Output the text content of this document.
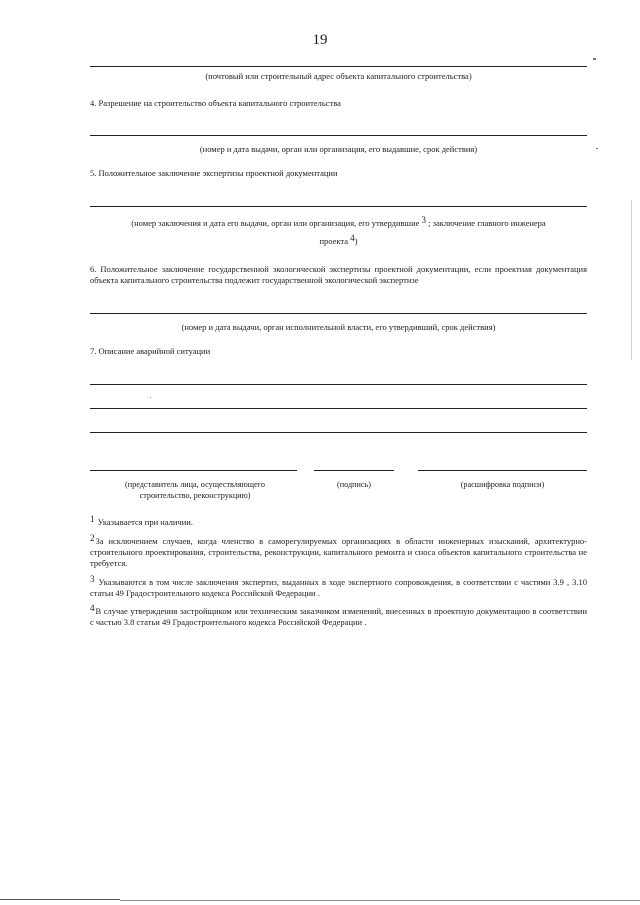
19
(почтовый или строительный адрес объекта капитального строительства)
4. Разрешение на строительство объекта капитального строительства
(номер и дата выдачи, орган или организация, его выдавшие, срок действия)
5. Положительное заключение экспертизы проектной документации
(номер заключения и дата его выдачи, орган или организация, его утвердившие 3 ; заключение главного инженера
проекта 4)
6. Положительное заключение государственной экологической экспертизы проектной документации, если проектная документация объекта капитального строительства подлежит государственной экологической экспертизе
(номер и дата выдачи, орган исполнительной власти, его утвердивший, срок действия)
7. Описание аварийной ситуации
(представитель лица, осуществляющего строительство, реконструкцию)
(подпись)	(расшифровка подписи)
1 Указывается при наличии.
2За исключением случаев, когда членство в саморегулируемых организациях в области инженерных изысканий, архитектурно-строительного проектирования, строительства, реконструкции, капитального ремонта и сноса объектов капитального строительства не требуется.
3 Указываются в том числе заключения экспертиз, выданных в ходе экспертного сопровождения, в соответствии с частями 3.9 , 3.10 статьи 49 Градостроительного кодекса Российской Федерации .
4В случае утверждения застройщиком или техническим заказчиком изменений, внесенных в проектную документацию в соответствии с частью 3.8 статьи 49 Градостроительного кодекса Российской Федерации .
